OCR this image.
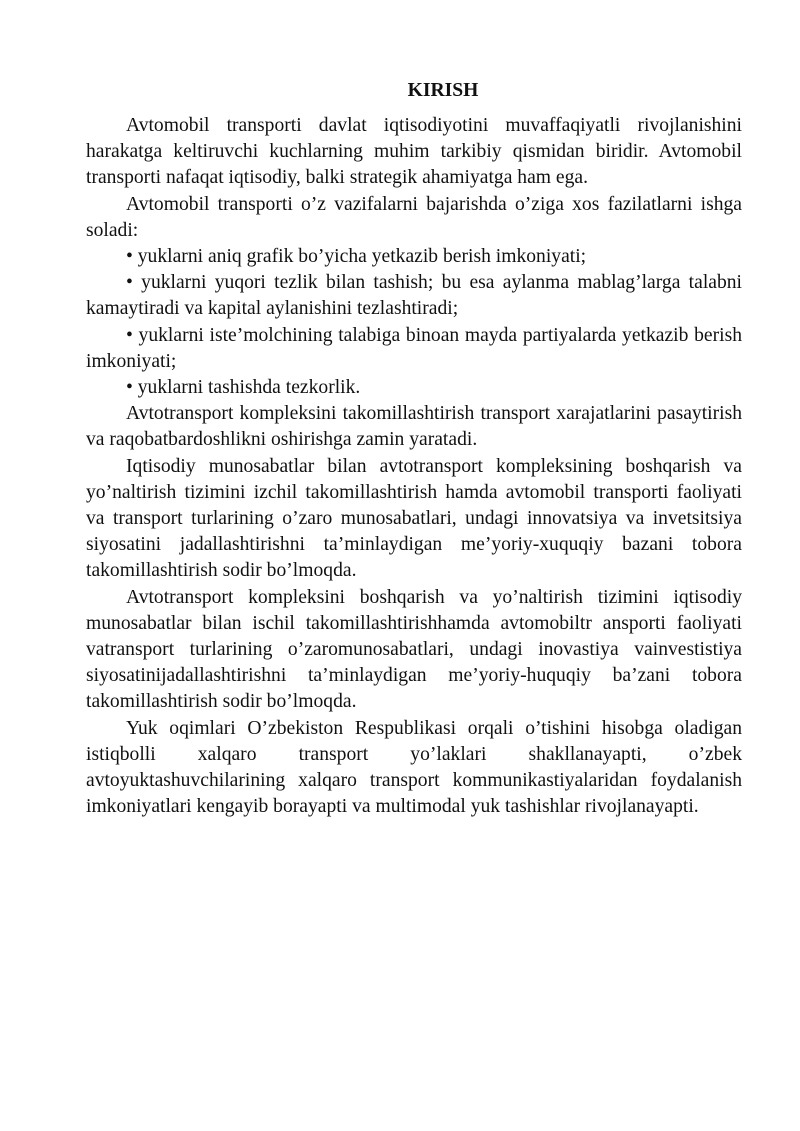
KIRISH

Avtomobil transporti davlat iqtisodiyotini muvaffaqiyatli rivojlanishini harakatga keltiruvchi kuchlarning muhim tarkibiy qismidan biridir. Avtomobil transporti nafaqat iqtisodiy, balki strategik ahamiyatga ham ega.

Avtomobil transporti o’z vazifalarni bajarishda o’ziga xos fazilatlarni ishga soladi:

• yuklarni aniq grafik bo’yicha yetkazib berish imkoniyati;

• yuklarni yuqori tezlik bilan tashish; bu esa aylanma mablag’larga talabni kamaytiradi va kapital aylanishini tezlashtiradi;

• yuklarni iste’molchining talabiga binoan mayda partiyalarda yetkazib berish imkoniyati;

• yuklarni tashishda tezkorlik.

Avtotransport kompleksini takomillashtirish transport xarajatlarini pasaytirish va raqobatbardoshlikni oshirishga zamin yaratadi.

Iqtisodiy munosabatlar bilan avtotransport kompleksining boshqarish va yo’naltirish tizimini izchil takomillashtirish hamda avtomobil transporti faoliyati va transport turlarining o’zaro munosabatlari, undagi innovatsiya va invetsitsiya siyosatini jadallashtirishni ta’minlaydigan me’yoriy-xuquqiy bazani tobora takomillashtirish sodir bo’lmoqda.

Avtotransport kompleksini boshqarish va yo’naltirish tizimini iqtisodiy munosabatlar bilan ischil takomillashtirishhamda avtomobiltr ansporti faoliyati vatransport turlarining o’zaromunosabatlari, undagi inovastiya vainvestistiya siyosatinijadallashtirishni ta’minlaydigan me’yoriy-huquqiy ba’zani tobora takomillashtirish sodir bo’lmoqda.

Yuk oqimlari O’zbekiston Respublikasi orqali o’tishini hisobga oladigan istiqbolli xalqaro transport yo’laklari shakllanayapti, o’zbek avtoyuktashuvchilarining xalqaro transport kommunikastiyalaridan foydalanish imkoniyatlari kengayib borayapti va multimodal yuk tashishlar rivojlanayapti.
